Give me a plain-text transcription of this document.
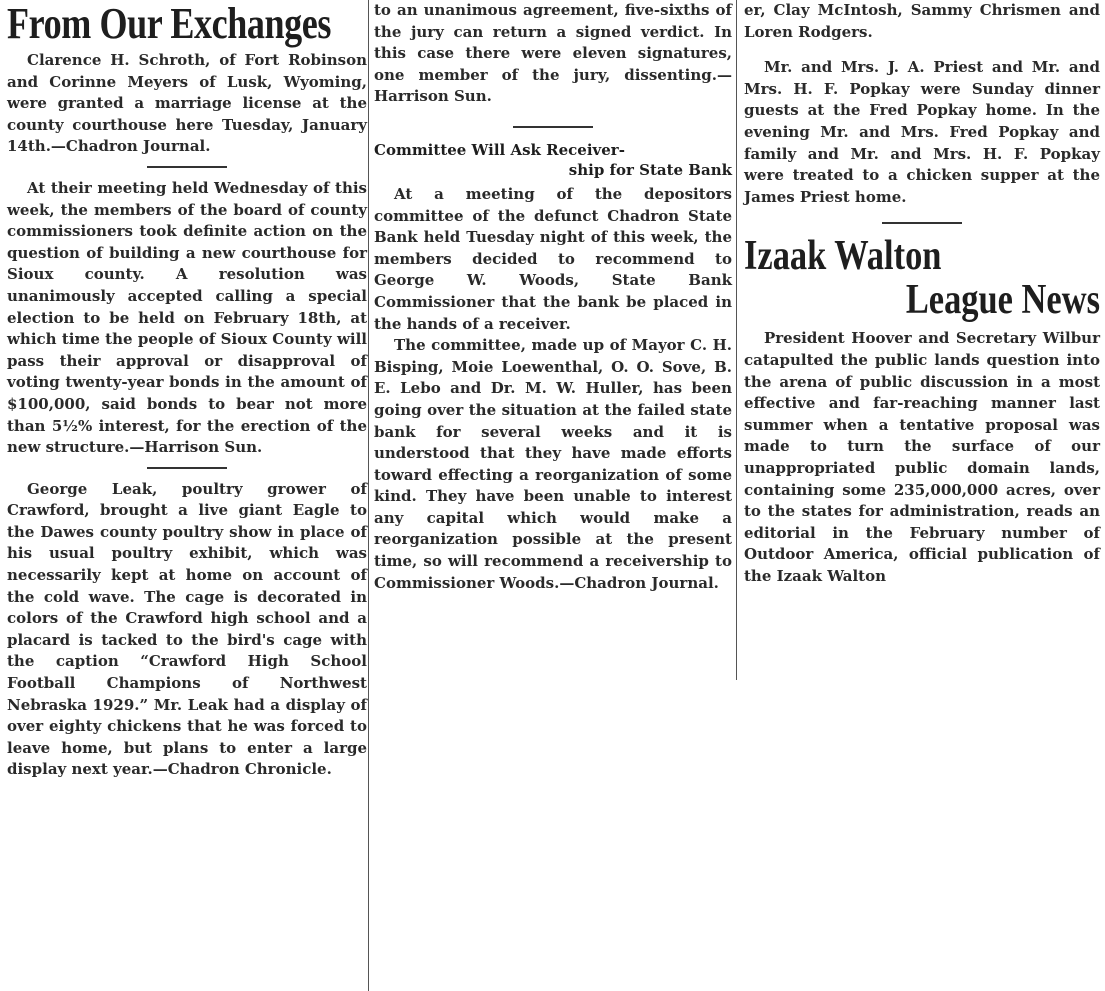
From Our Exchanges

Clarence H. Schroth, of Fort Robinson and Corinne Meyers of Lusk, Wyoming, were granted a marriage license at the county courthouse here Tuesday, January 14th.—Chadron Journal.

At their meeting held Wednesday of this week, the members of the board of county commissioners took definite action on the question of building a new courthouse for Sioux county. A resolution was unanimously accepted calling a special election to be held on February 18th, at which time the people of Sioux County will pass their approval or disapproval of voting twenty-year bonds in the amount of $100,000, said bonds to bear not more than 5½% interest, for the erection of the new structure.—Harrison Sun.

George Leak, poultry grower of Crawford, brought a live giant Eagle to the Dawes county poultry show in place of his usual poultry exhibit, which was necessarily kept at home on account of the cold wave. The cage is decorated in colors of the Crawford high school and a placard is tacked to the bird's cage with the caption “Crawford High School Football Champions of Northwest Nebraska 1929.” Mr. Leak had a display of over eighty chickens that he was forced to leave home, but plans to enter a large display next year.—Chadron Chronicle.

to an unanimous agreement, five-sixths of the jury can return a signed verdict. In this case there were eleven signatures, one member of the jury, dissenting.—Harrison Sun.

Committee Will Ask Receiver-
ship for State Bank

At a meeting of the depositors committee of the defunct Chadron State Bank held Tuesday night of this week, the members decided to recommend to George W. Woods, State Bank Commissioner that the bank be placed in the hands of a receiver.

The committee, made up of Mayor C. H. Bisping, Moie Loewenthal, O. O. Sove, B. E. Lebo and Dr. M. W. Huller, has been going over the situation at the failed state bank for several weeks and it is understood that they have made efforts toward effecting a reorganization of some kind. They have been unable to interest any capital which would make a reorganization possible at the present time, so will recommend a receivership to Commissioner Woods.—Chadron Journal.

er, Clay McIntosh, Sammy Chrismen and Loren Rodgers.

Mr. and Mrs. J. A. Priest and Mr. and Mrs. H. F. Popkay were Sunday dinner guests at the Fred Popkay home. In the evening Mr. and Mrs. Fred Popkay and family and Mr. and Mrs. H. F. Popkay were treated to a chicken supper at the James Priest home.

Izaak Walton
League News

President Hoover and Secretary Wilbur catapulted the public lands question into the arena of public discussion in a most effective and far-reaching manner last summer when a tentative proposal was made to turn the surface of our unappropriated public domain lands, containing some 235,000,000 acres, over to the states for administration, reads an editorial in the February number of Outdoor America, official publication of the Izaak Walton
